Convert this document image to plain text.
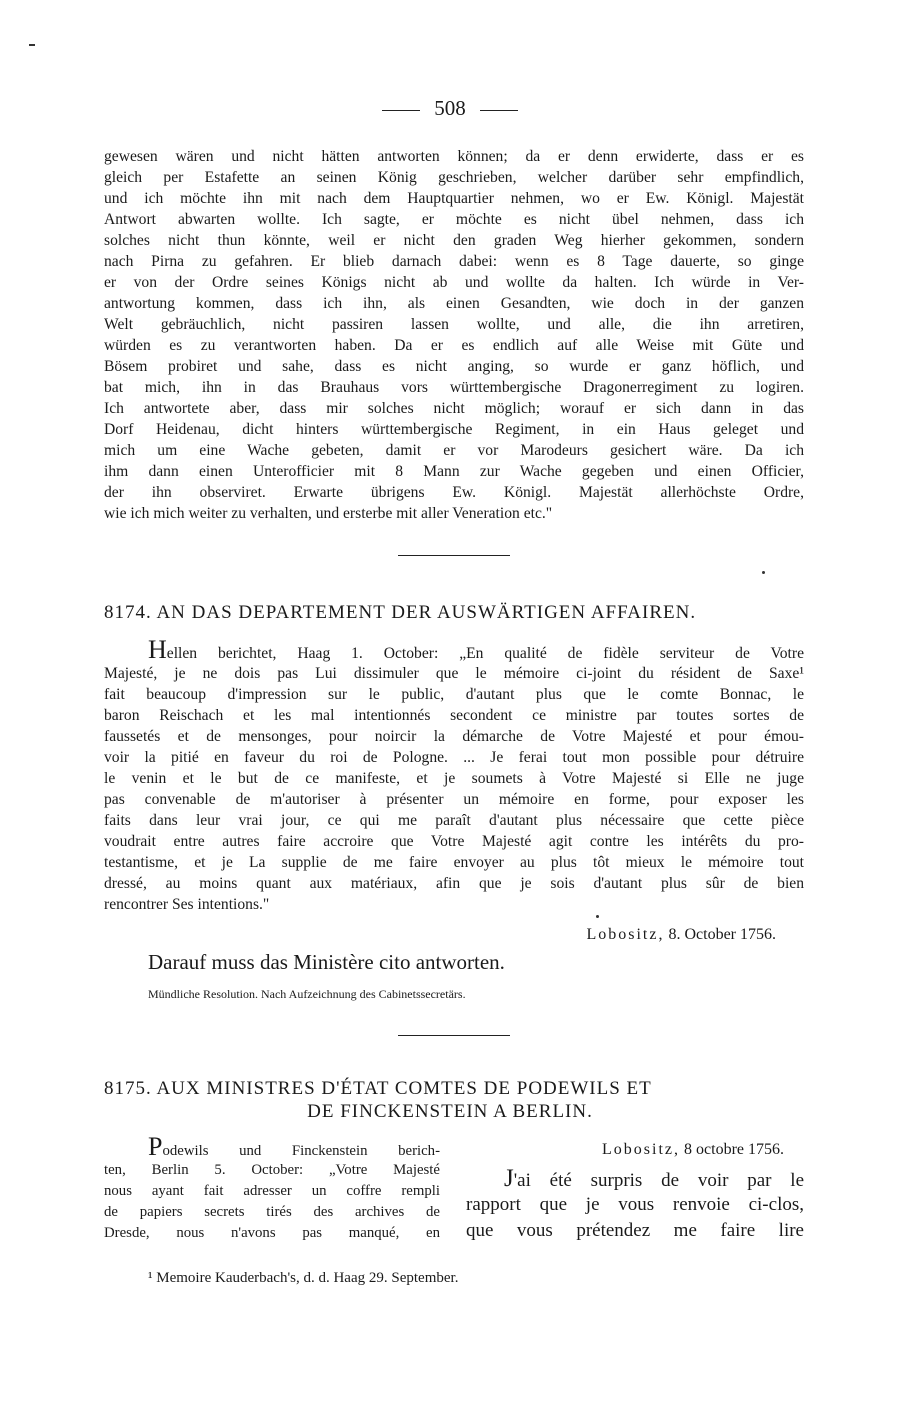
508
gewesen wären und nicht hätten antworten können; da er denn erwiderte, dass er es
gleich per Estafette an seinen König geschrieben, welcher darüber sehr empfindlich,
und ich möchte ihn mit nach dem Hauptquartier nehmen, wo er Ew. Königl. Majestät
Antwort abwarten wollte. Ich sagte, er möchte es nicht übel nehmen, dass ich
solches nicht thun könnte, weil er nicht den graden Weg hierher gekommen, sondern
nach Pirna zu gefahren. Er blieb darnach dabei: wenn es 8 Tage dauerte, so ginge
er von der Ordre seines Königs nicht ab und wollte da halten. Ich würde in Ver-
antwortung kommen, dass ich ihn, als einen Gesandten, wie doch in der ganzen
Welt gebräuchlich, nicht passiren lassen wollte, und alle, die ihn arretiren,
würden es zu verantworten haben. Da er es endlich auf alle Weise mit Güte und
Bösem probiret und sahe, dass es nicht anging, so wurde er ganz höflich, und
bat mich, ihn in das Brauhaus vors württembergische Dragonerregiment zu logiren.
Ich antwortete aber, dass mir solches nicht möglich; worauf er sich dann in das
Dorf Heidenau, dicht hinters württembergische Regiment, in ein Haus geleget und
mich um eine Wache gebeten, damit er vor Marodeurs gesichert wäre. Da ich
ihm dann einen Unterofficier mit 8 Mann zur Wache gegeben und einen Officier,
der ihn observiret. Erwarte übrigens Ew. Königl. Majestät allerhöchste Ordre,
wie ich mich weiter zu verhalten, und ersterbe mit aller Veneration etc."
8174. AN DAS DEPARTEMENT DER AUSWÄRTIGEN AFFAIREN.
Hellen berichtet, Haag 1. October: „En qualité de fidèle serviteur de Votre
Majesté, je ne dois pas Lui dissimuler que le mémoire ci-joint du résident de Saxe¹
fait beaucoup d'impression sur le public, d'autant plus que le comte Bonnac, le
baron Reischach et les mal intentionnés secondent ce ministre par toutes sortes de
faussetés et de mensonges, pour noircir la démarche de Votre Majesté et pour émou-
voir la pitié en faveur du roi de Pologne. ... Je ferai tout mon possible pour détruire
le venin et le but de ce manifeste, et je soumets à Votre Majesté si Elle ne juge
pas convenable de m'autoriser à présenter un mémoire en forme, pour exposer les
faits dans leur vrai jour, ce qui me paraît d'autant plus nécessaire que cette pièce
voudrait entre autres faire accroire que Votre Majesté agit contre les intérêts du pro-
testantisme, et je La supplie de me faire envoyer au plus tôt mieux le mémoire tout
dressé, au moins quant aux matériaux, afin que je sois d'autant plus sûr de bien
rencontrer Ses intentions."
Lobositz, 8. October 1756.
Darauf muss das Ministère cito antworten.
Mündliche Resolution. Nach Aufzeichnung des Cabinetssecretärs.
8175. AUX MINISTRES D'ÉTAT COMTES DE PODEWILS ET
DE FINCKENSTEIN A BERLIN.
Podewils und Finckenstein berich-
ten, Berlin 5. October: „Votre Majesté
nous ayant fait adresser un coffre rempli
de papiers secrets tirés des archives de
Dresde, nous n'avons pas manqué, en
Lobositz, 8 octobre 1756.
J'ai été surpris de voir par le
rapport que je vous renvoie ci-clos,
que vous prétendez me faire lire
¹ Memoire Kauderbach's, d. d. Haag 29. September.
